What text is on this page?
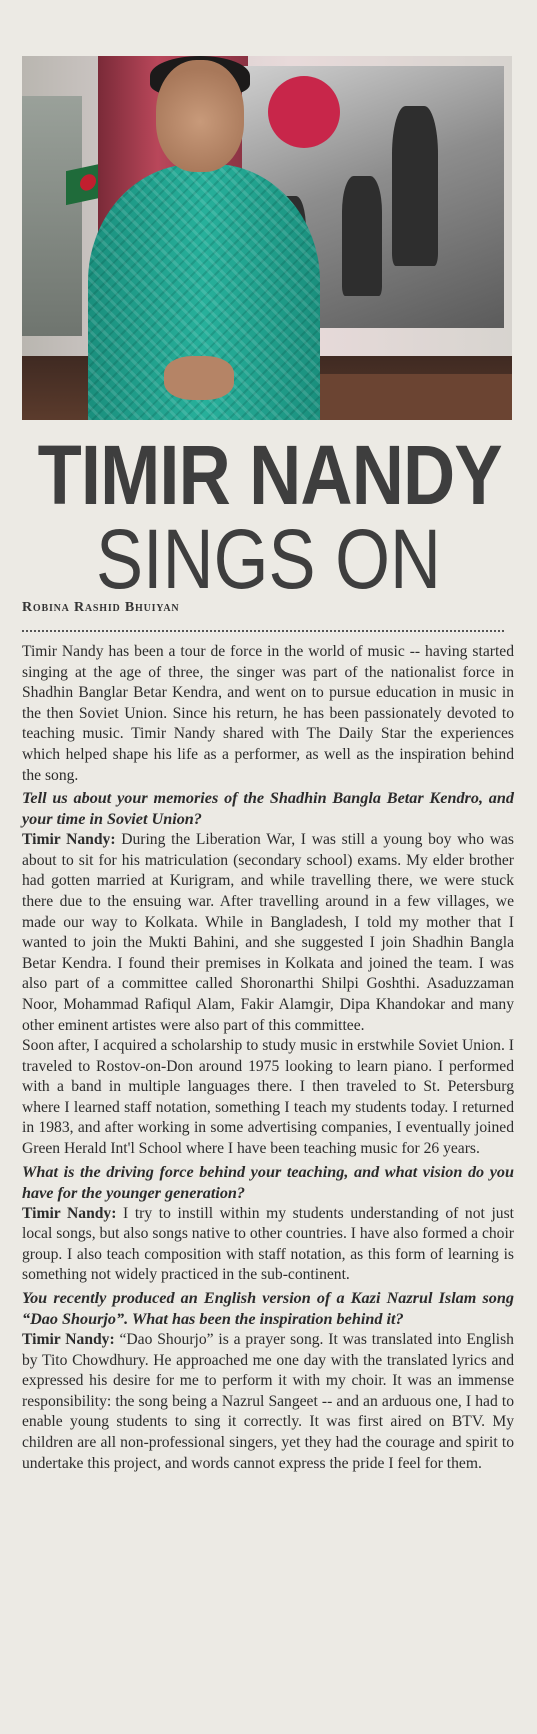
TIMIR NANDY
SINGS ON
Robina Rashid Bhuiyan

Timir Nandy has been a tour de force in the world of music -- having started singing at the age of three, the singer was part of the nationalist force in Shadhin Banglar Betar Kendra, and went on to pursue education in music in the then Soviet Union. Since his return, he has been passionately devoted to teaching music. Timir Nandy shared with The Daily Star the experiences which helped shape his life as a performer, as well as the inspiration behind the song.

Tell us about your memories of the Shadhin Bangla Betar Kendro, and your time in Soviet Union?

Timir Nandy: During the Liberation War, I was still a young boy who was about to sit for his matriculation (secondary school) exams. My elder brother had gotten married at Kurigram, and while travelling there, we were stuck there due to the ensuing war. After travelling around in a few villages, we made our way to Kolkata. While in Bangladesh, I told my mother that I wanted to join the Mukti Bahini, and she suggested I join Shadhin Bangla Betar Kendra. I found their premises in Kolkata and joined the team. I was also part of a committee called Shoronarthi Shilpi Goshthi. Asaduzzaman Noor, Mohammad Rafiqul Alam, Fakir Alamgir, Dipa Khandokar and many other eminent artistes were also part of this committee.

Soon after, I acquired a scholarship to study music in erstwhile Soviet Union. I traveled to Rostov-on-Don around 1975 looking to learn piano. I performed with a band in multiple languages there. I then traveled to St. Petersburg where I learned staff notation, something I teach my students today. I returned in 1983, and after working in some advertising companies, I eventually joined Green Herald Int'l School where I have been teaching music for 26 years.

What is the driving force behind your teaching, and what vision do you have for the younger generation?

Timir Nandy: I try to instill within my students understanding of not just local songs, but also songs native to other countries. I have also formed a choir group. I also teach composition with staff notation, as this form of learning is something not widely practiced in the sub-continent.

You recently produced an English version of a Kazi Nazrul Islam song “Dao Shourjo”. What has been the inspiration behind it?

Timir Nandy: “Dao Shourjo” is a prayer song. It was translated into English by Tito Chowdhury. He approached me one day with the translated lyrics and expressed his desire for me to perform it with my choir. It was an immense responsibility: the song being a Nazrul Sangeet -- and an arduous one, I had to enable young students to sing it correctly. It was first aired on BTV. My children are all non-professional singers, yet they had the courage and spirit to undertake this project, and words cannot express the pride I feel for them.
